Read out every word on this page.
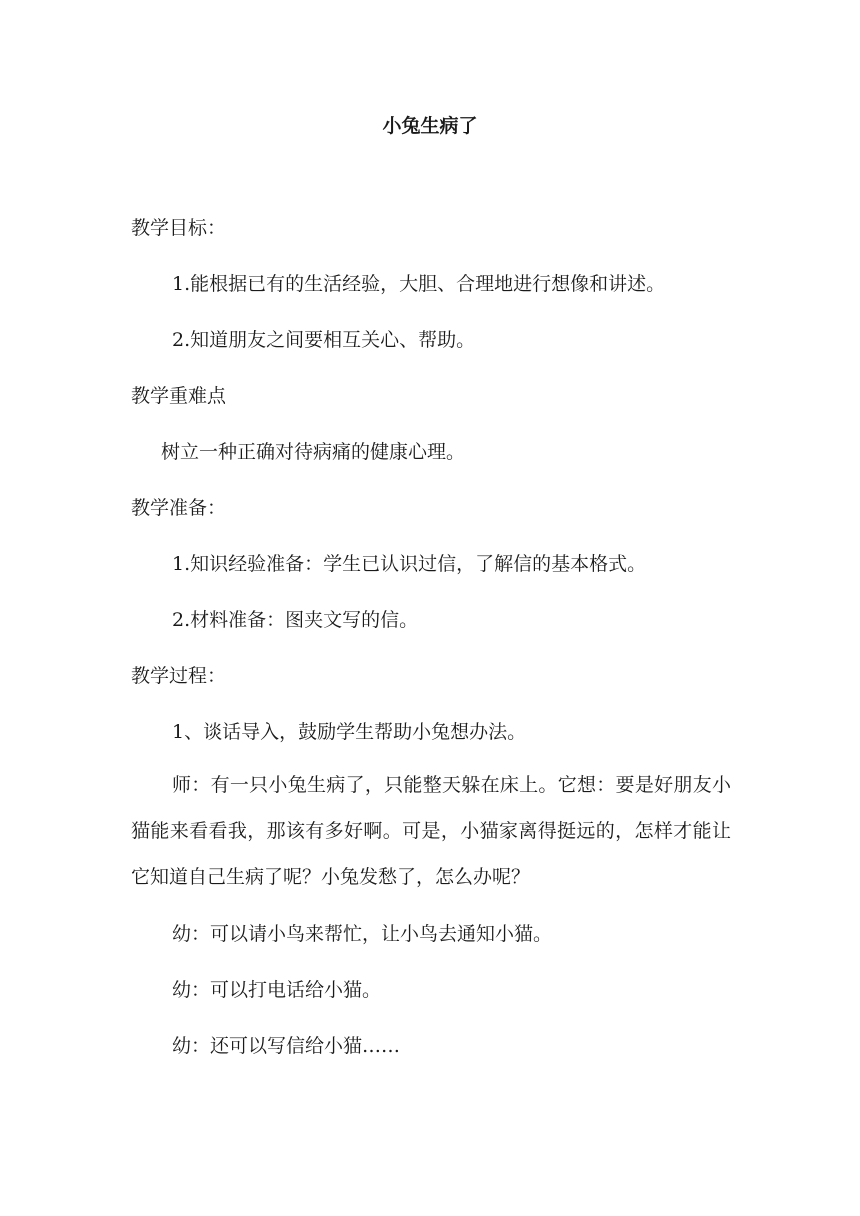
小兔生病了
教学目标：
1.能根据已有的生活经验，大胆、合理地进行想像和讲述。
2.知道朋友之间要相互关心、帮助。
教学重难点
树立一种正确对待病痛的健康心理。
教学准备：
1.知识经验准备：学生已认识过信，了解信的基本格式。
2.材料准备：图夹文写的信。
教学过程：
1、谈话导入，鼓励学生帮助小兔想办法。
师：有一只小兔生病了，只能整天躲在床上。它想：要是好朋友小猫能来看看我，那该有多好啊。可是，小猫家离得挺远的，怎样才能让它知道自己生病了呢？小兔发愁了，怎么办呢？
幼：可以请小鸟来帮忙，让小鸟去通知小猫。
幼：可以打电话给小猫。
幼：还可以写信给小猫……
